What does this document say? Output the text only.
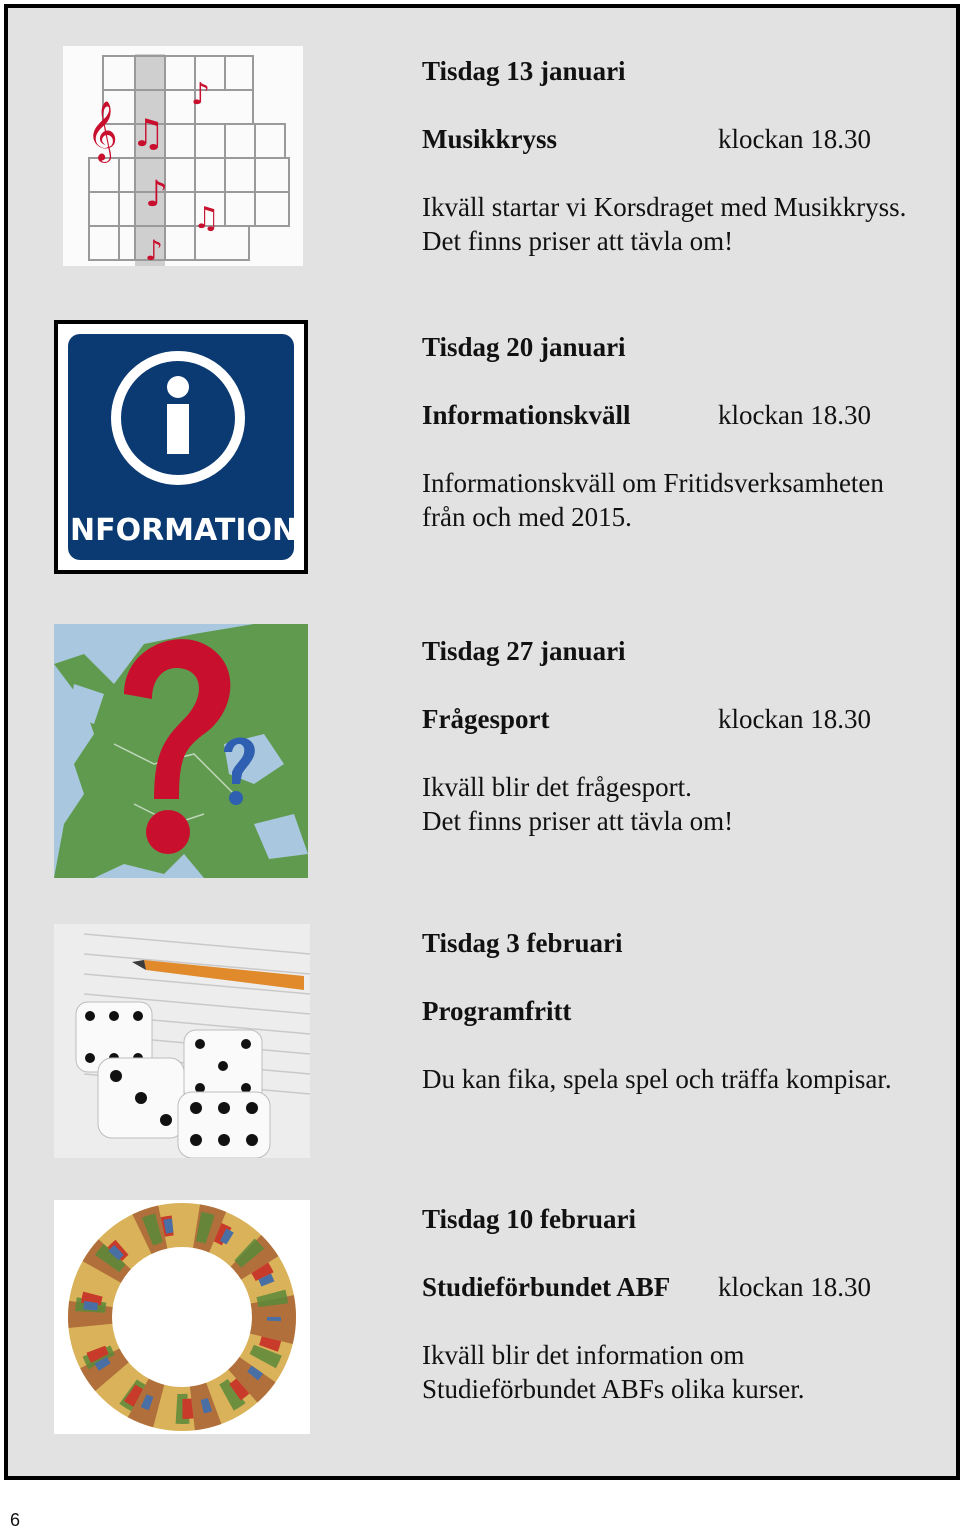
𝄞 ♫
♪
♪
♫
♪
Tisdag 13 januari
Musikkryss	klockan 18.30
Ikväll startar vi Korsdraget med Musikkryss.
Det finns priser att tävla om!
INFORMATION
Tisdag 20 januari
Informationskväll	klockan 18.30
Informationskväll om Fritidsverksamheten
från och med 2015.
Tisdag 27 januari
Frågesport	klockan 18.30
Ikväll blir det frågesport.
Det finns priser att tävla om!
Tisdag 3 februari
Programfritt
Du kan fika, spela spel och träffa kompisar.
Tisdag 10 februari
Studieförbundet ABF klockan 18.30
Ikväll blir det information om
Studieförbundet ABFs olika kurser.
6
